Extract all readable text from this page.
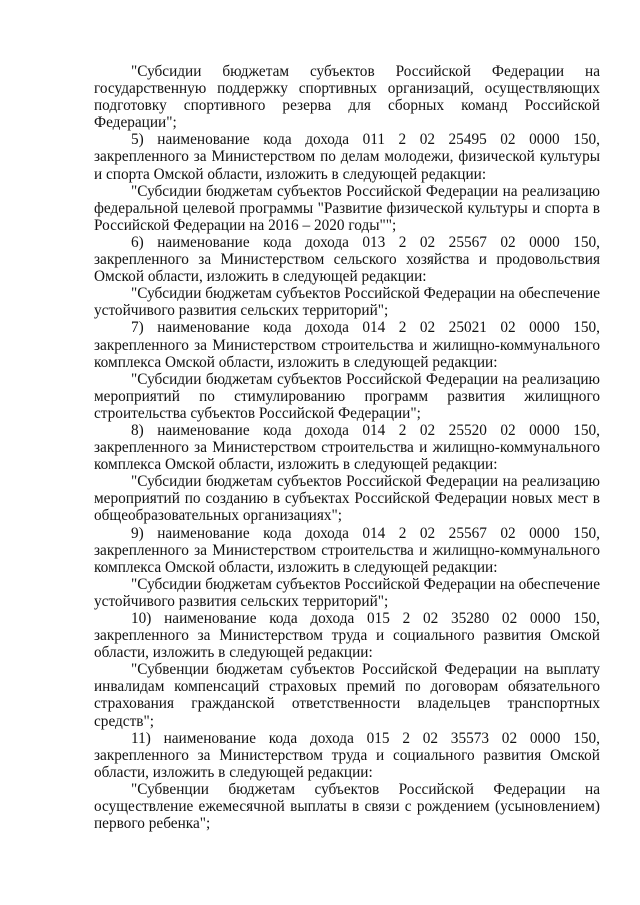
"Субсидии бюджетам субъектов Российской Федерации на государственную поддержку спортивных организаций, осуществляющих подготовку спортивного резерва для сборных команд Российской Федерации";

5) наименование кода дохода 011 2 02 25495 02 0000 150, закрепленного за Министерством по делам молодежи, физической культуры и спорта Омской области, изложить в следующей редакции:

"Субсидии бюджетам субъектов Российской Федерации на реализацию федеральной целевой программы "Развитие физической культуры и спорта в Российской Федерации на 2016 – 2020 годы"";

6) наименование кода дохода 013 2 02 25567 02 0000 150, закрепленного за Министерством сельского хозяйства и продовольствия Омской области, изложить в следующей редакции:

"Субсидии бюджетам субъектов Российской Федерации на обеспечение устойчивого развития сельских территорий";

7) наименование кода дохода 014 2 02 25021 02 0000 150, закрепленного за Министерством строительства и жилищно-коммунального комплекса Омской области, изложить в следующей редакции:

"Субсидии бюджетам субъектов Российской Федерации на реализацию мероприятий по стимулированию программ развития жилищного строительства субъектов Российской Федерации";

8) наименование кода дохода 014 2 02 25520 02 0000 150, закрепленного за Министерством строительства и жилищно-коммунального комплекса Омской области, изложить в следующей редакции:

"Субсидии бюджетам субъектов Российской Федерации на реализацию мероприятий по созданию в субъектах Российской Федерации новых мест в общеобразовательных организациях";

9) наименование кода дохода 014 2 02 25567 02 0000 150, закрепленного за Министерством строительства и жилищно-коммунального комплекса Омской области, изложить в следующей редакции:

"Субсидии бюджетам субъектов Российской Федерации на обеспечение устойчивого развития сельских территорий";

10) наименование кода дохода 015 2 02 35280 02 0000 150, закрепленного за Министерством труда и социального развития Омской области, изложить в следующей редакции:

"Субвенции бюджетам субъектов Российской Федерации на выплату инвалидам компенсаций страховых премий по договорам обязательного страхования гражданской ответственности владельцев транспортных средств";

11) наименование кода дохода 015 2 02 35573 02 0000 150, закрепленного за Министерством труда и социального развития Омской области, изложить в следующей редакции:

"Субвенции бюджетам субъектов Российской Федерации на осуществление ежемесячной выплаты в связи с рождением (усыновлением) первого ребенка";
